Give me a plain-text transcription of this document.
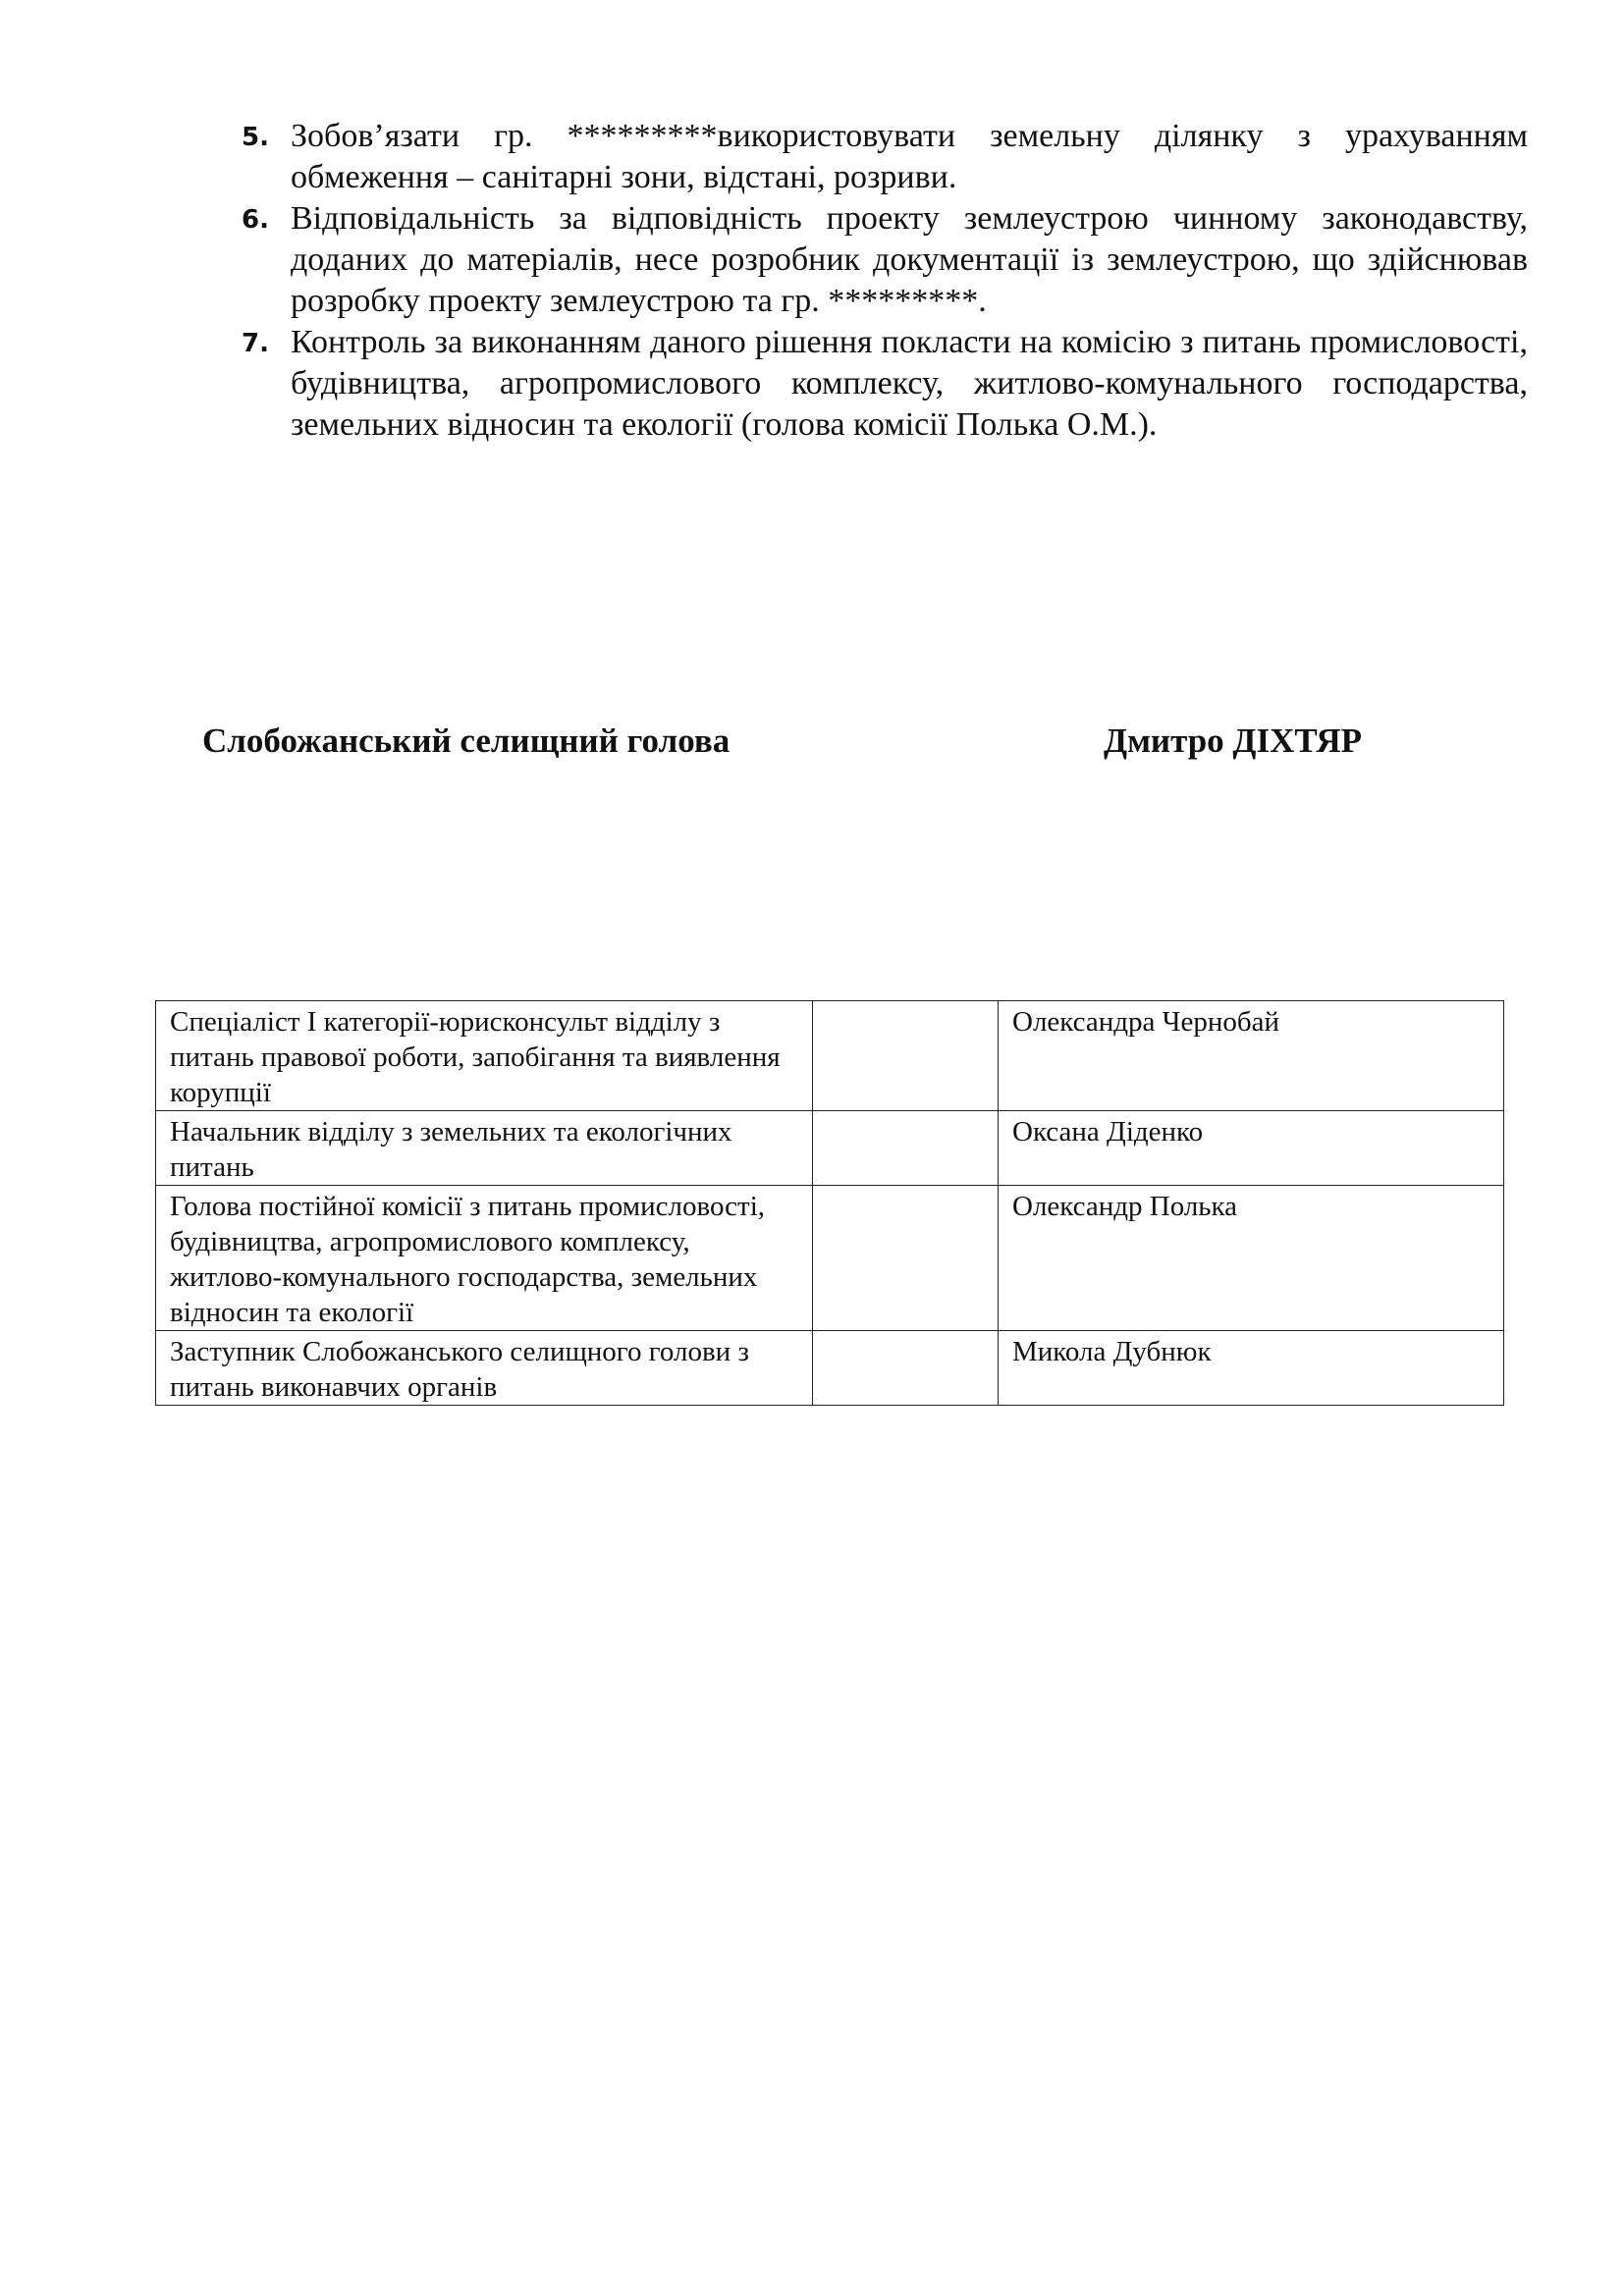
5. Зобов’язати гр. *********використовувати земельну ділянку з урахуванням обмеження – санітарні зони, відстані, розриви.
6. Відповідальність за відповідність проекту землеустрою чинному законодавству, доданих до матеріалів, несе розробник документації із землеустрою, що здійснював розробку проекту землеустрою та гр. *********.
7. Контроль за виконанням даного рішення покласти на комісію з питань промисловості, будівництва, агропромислового комплексу, житлово-комунального господарства, земельних відносин та екології (голова комісії Полька О.М.).
Слобожанський селищний голова	Дмитро ДІХТЯР
Спеціаліст І категорії-юрисконсульт відділу з питань правової роботи, запобігання та виявлення корупції		Олександра Чернобай
Начальник відділу з земельних та екологічних питань		Оксана Діденко
Голова постійної комісії з питань промисловості, будівництва, агропромислового комплексу, житлово-комунального господарства, земельних відносин та екології		Олександр Полька
Заступник Слобожанського селищного голови з питань виконавчих органів		Микола Дубнюк
